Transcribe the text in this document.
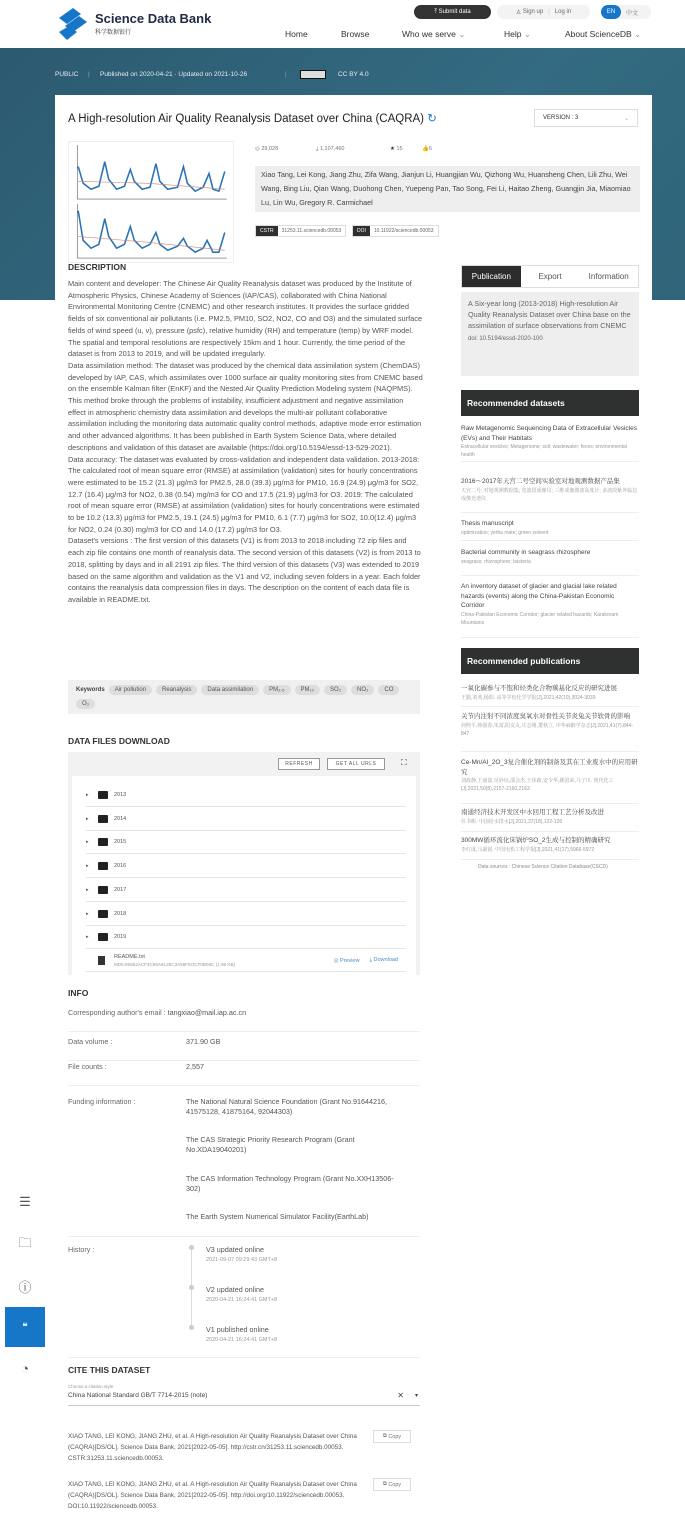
Science Data Bank
科学数据银行
⤒ Submit data	♙ Sign up | Log in	EN	中文
Home	Browse	Who we serve ⌄	Help ⌄	About ScienceDB ⌄
PUBLIC | Published on 2020-04-21 · Updated on 2021-10-26	|	CC BY 4.0
A High-resolution Air Quality Reanalysis Dataset over China (CAQRA) ↻	VERSION : 3	⌄
◎ 29,028	⤓ 1,107,460	★ 15	👍6
Xiao Tang, Lei Kong, Jiang Zhu, Zifa Wang, Jianjun Li, Huangjian Wu, Qizhong Wu, Huansheng Chen, Lili Zhu, Wei Wang, Bing Liu, Qian Wang, Duohong Chen, Yuepeng Pan, Tao Song, Fei Li, Haitao Zheng, Guangjin Jia, Miaomiao Lu, Lin Wu, Gregory R. Carmichael
CSTR	31253.11.sciencedb.00053	DOI	10.11922/sciencedb.00053
DESCRIPTION

Main content and developer: The Chinese Air Quality Reanalysis dataset was produced by the Institute of Atmospheric Physics, Chinese Academy of Sciences (IAP/CAS), collaborated with China National Environmental Monitoring Centre (CNEMC) and other research institutes. It provides the surface gridded fields of six conventional air pollutants (i.e. PM2.5, PM10, SO2, NO2, CO and O3) and the simulated surface fields of wind speed (u, v), pressure (psfc), relative humidity (RH) and temperature (temp) by WRF model. The spatial and temporal resolutions are respectively 15km and 1 hour. Currently, the time period of the dataset is from 2013 to 2019, and will be updated irregularly.

Data assimilation method: The dataset was produced by the chemical data assimilation system (ChemDAS) developed by IAP, CAS, which assimilates over 1000 surface air quality monitoring sites from CNEMC based on the ensemble Kalman filter (EnKF) and the Nested Air Quality Prediction Modeling system (NAQPMS). This method broke through the problems of instability, insufficient adjustment and negative assimilation effect in atmospheric chemistry data assimilation and develops the multi-air pollutant collaborative assimilation including the monitoring data automatic quality control methods, adaptive mode error estimation and other advanced algorithms. It has been published in Earth System Science Data, where detailed descriptions and validation of this dataset are available (https://doi.org/10.5194/essd-13-529-2021).

Data accuracy: The dataset was evaluated by cross-validation and independent data validation. 2013-2018: The calculated root of mean square error (RMSE) at assimilation (validation) sites for hourly concentrations were estimated to be 15.2 (21.3) μg/m3 for PM2.5, 28.0 (39.3) μg/m3 for PM10, 16.9 (24.9) μg/m3 for SO2, 12.7 (16.4) μg/m3 for NO2, 0.38 (0.54) mg/m3 for CO and 17.5 (21.9) μg/m3 for O3. 2019: The calculated root of mean square error (RMSE) at assimilation (validation) sites for hourly concentrations were estimated to be 10.2 (13.3) μg/m3 for PM2.5, 19.1 (24.5) μg/m3 for PM10, 6.1 (7.7) μg/m3 for SO2, 10.0(12.4) μg/m3 for NO2, 0.24 (0.30) mg/m3 for CO and 14.0 (17.2) μg/m3 for O3.

Dataset's versions : The first version of this datasets (V1) is from 2013 to 2018 including 72 zip files and each zip file contains one month of reanalysis data. The second version of this datasets (V2) is from 2013 to 2018, splitting by days and in all 2191 zip files. The third version of this datasets (V3) was extended to 2019 based on the same algorithm and validation as the V1 and V2, including seven folders in a year. Each folder contains the reanalysis data compression files in days. The description on the content of each data file is available in README.txt.

Keywords	Air pollution	Reanalysis	Data assimilation	PM₂.₅	PM₁₀	SO₂	NO₂	CO
O₃
DATA FILES DOWNLOAD
REFRESH	GET ALL URLS	⛶
▸	2013
▸	2014
▸	2015
▸	2016
▸	2017
▸	2018
▸	2019
README.txt
MD5:65852ACF3C65A8128C3A56F5OCF0B08C (1.98 KB)
◎ Preview ⤓ Download
INFO
Corresponding author's email : tangxiao@mail.iap.ac.cn
Data volume :	371.90 GB
File counts :	2,557
Funding information :	The National Natural Science Foundation (Grant No.91644216, 41575128, 41875164, 92044303)
The CAS Strategic Priority Research Program (Grant No.XDA19040201)
The CAS Information Technology Program (Grant No.XXH13506-302)
The Earth System Numerical Simulator Facility(EarthLab)
History :	V3 updated online
2021-09-07 09:29:43 GMT+8
V2 updated online
2020-04-21 16:24:41 GMT+8
V1 published online
2020-04-21 16:24:41 GMT+8
CITE THIS DATASET
Choose a citation style
China National Standard GB/T 7714-2015 (note)	✕ ▾
XIAO TANG, LEI KONG, JIANG ZHU, et al. A High-resolution Air Quality Reanalysis Dataset over China (CAQRA)[DS/OL]. Science Data Bank, 2021[2022-05-05]. http://cstr.cn/31253.11.sciencedb.00053. CSTR:31253.11.sciencedb.00053.
⧉ Copy
XIAO TANG, LEI KONG, JIANG ZHU, et al. A High-resolution Air Quality Reanalysis Dataset over China (CAQRA)[DS/OL]. Science Data Bank, 2021[2022-05-05]. http://doi.org/10.11922/sciencedb.00053. DOI:10.11922/sciencedb.00053.
⧉ Copy
Publication	Export	Information
A Six-year long (2013-2018) High-resolution Air Quality Reanalysis Dataset over China base on the assimilation of surface observations from CNEMC
doi: 10.5194/essd-2020-100
Recommended datasets
Raw Metagenomic Sequencing Data of Extracellular Vesicles (EVs) and Their Habitats
Extracellular vesicles; Metagenome; soil; wastewater; feces; environmental health
2016～2017年天宫二号空间实验室对地观测数据产品集
天宫二号; 对地观测数据集; 宽波段成像仪; 三维成像微波高度计; 多波段紫外临边成像光谱仪
Thesis manuscript
optimization; yerba mate; green solvent
Bacterial community in seagrass rhizosphere
seagrass; rhizosphere; bacteria
An inventory dataset of glacier and glacial lake related hazards (events) along the China-Pakistan Economic Corridor
China-Pakistan Economic Corridor; glacier related hazards; Karakoram Mountains
Recommended publications
一氧化碳参与不饱和烃类化合物羰基化反应的研究进展
王勤,刘欢,杨阳. 高等学校化学学报[J],2021,42(10),3024-3039
关节内注射不同浓度臭氧水对骨性关节炎兔关节软骨的影响
何煦平,韩强春,朱富,阳友丸,庄志刚,董秋立. 中华麻醉学杂志[J],2021,41(7),844-847
Ce-Mn/Al_2O_3复合催化剂的制备及其在工业废水中的应用研究
刘政静,王丽嘉,吴妙玩,邵会杰,王伟森,安少华,姚国荣,马子川. 现代化工[J],2021,50(8),2157-2160,2163
南通经济技术开发区中水回用工程工艺分析及改进
任书彬. 中国给水排水[J],2021,37(18),122-126
300MW循环流化床锅炉SO_2生成与控制的精确研究
李红成,马豪圆. 中国电机工程学报[J],2021,41(17),5966-5972
Data sources : Chinese Science Citation Database(CSCD)
☰
🗀
ⓘ
❝
◔
